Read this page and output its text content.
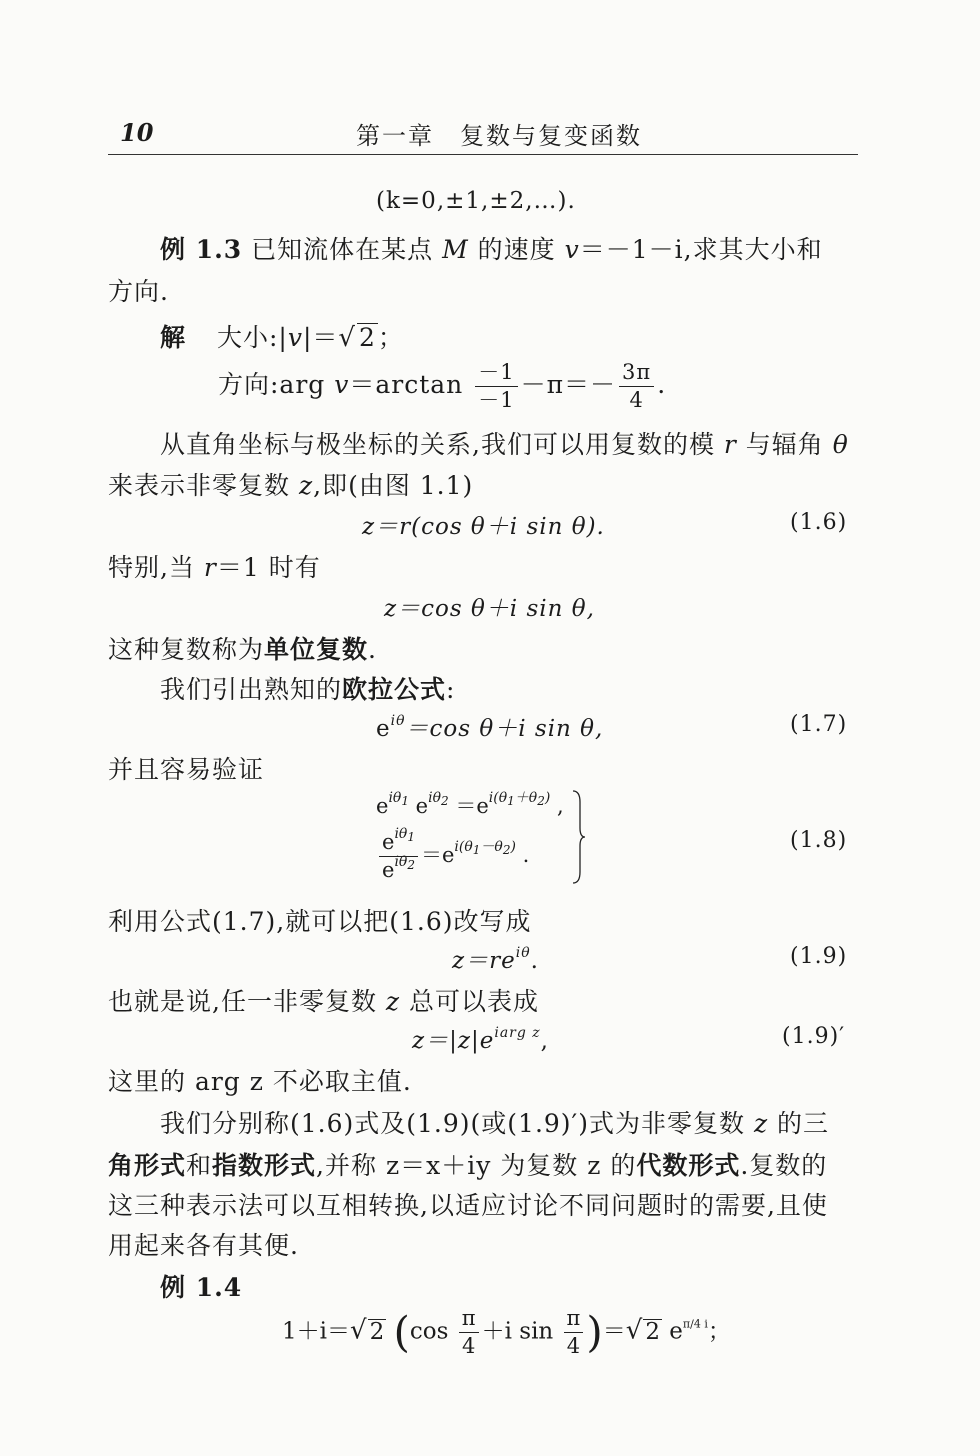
10	第一章　复数与复变函数
(k=0,±1,±2,…).
例 1.3 已知流体在某点 M 的速度 v＝－1－i,求其大小和
方向.
解 大小:|v|＝√ 2；
方向:arg $v=\arctan \frac{-1}{-1} -\pi=- \frac{3\pi}{4}$ .
从直角坐标与极坐标的关系,我们可以用复数的模 r 与辐角 θ
来表示非零复数 z,即(由图 1.1)
z＝r(cos θ＋i sin θ).	(1.6)
特别,当 r＝1 时有
z＝cos θ＋i sin θ,
这种复数称为单位复数.
我们引出熟知的欧拉公式:
$e^{i\theta}=\cos$ θ＋i sin θ,	(1.7)
并且容易验证
$e^{i\theta_1}$ $e^{i\theta_2} =e^{i(\theta_1+\theta_2)}$ ,
$\frac{e^{i\theta_1}}{e^{i\theta_2}} =e^{i(\theta_1-\theta_2)}$ .
(1.8)
利用公式(1.7),就可以把(1.6)改写成
$z=re^{i\theta}$.	(1.9)
也就是说,任一非零复数 z 总可以表成
$z=|z|e^{iarg z}$,	(1.9)′
这里的 arg z 不必取主值.
我们分别称(1.6)式及(1.9)(或(1.9)′)式为非零复数 z 的三
角形式和指数形式,并称 z＝x＋iy 为复数 z 的代数形式.复数的
这三种表示法可以互相转换,以适应讨论不同问题时的需要,且使
用起来各有其便.
例 1.4
1＋i＝√ 2 ($\cos \frac{\pi}{4} +i$ $\sin \frac{\pi}{4}$ )＝√ 2 $e^{\pi/4 i}$；
